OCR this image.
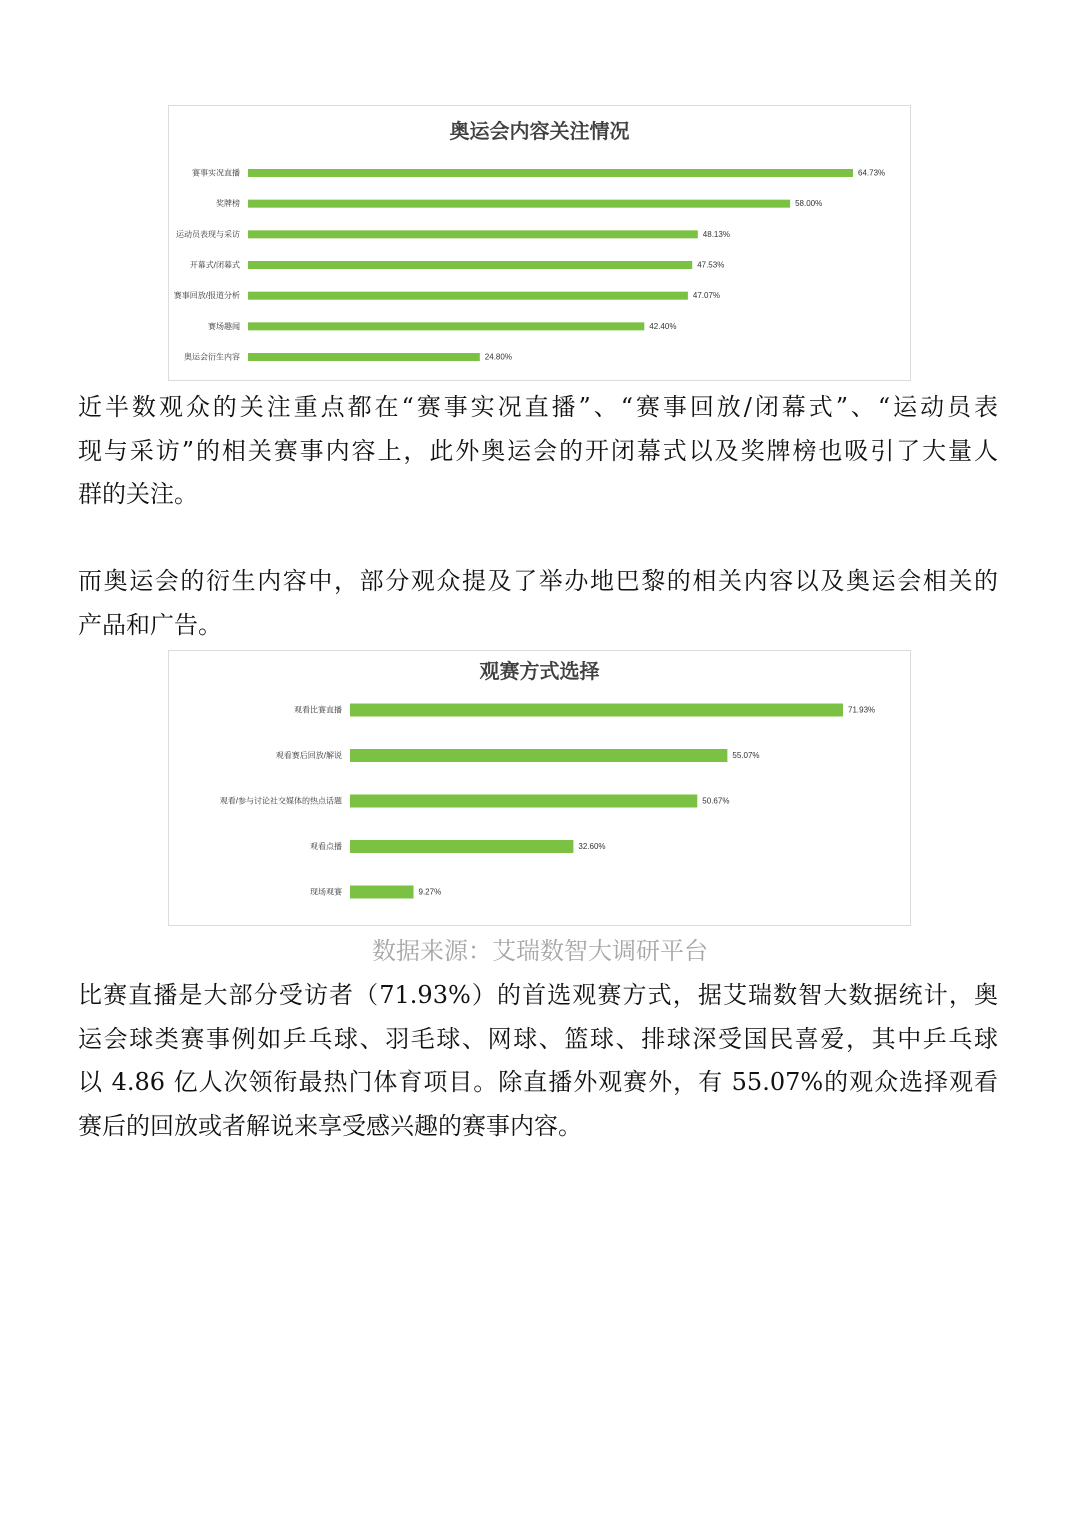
奥运会内容关注情况
赛事实况直播	64.73%
奖牌榜	58.00%
运动员表现与采访	48.13%
开幕式/闭幕式	47.53%
赛事回放/报道分析	47.07%
赛场趣闻	42.40%
奥运会衍生内容	24.80%
近半数观众的关注重点都在“赛事实况直播”、“赛事回放/闭幕式”、“运动员表
现与采访”的相关赛事内容上，此外奥运会的开闭幕式以及奖牌榜也吸引了大量人
群的关注。
而奥运会的衍生内容中，部分观众提及了举办地巴黎的相关内容以及奥运会相关的
产品和广告。
观赛方式选择
观看比赛直播	71.93%
观看赛后回放/解说	55.07%
观看/参与讨论社交媒体的热点话题	50.67%
观看点播	32.60%
现场观赛	9.27%
数据来源：艾瑞数智大调研平台
比赛直播是大部分受访者（71.93%）的首选观赛方式，据艾瑞数智大数据统计，奥
运会球类赛事例如乒乓球、羽毛球、网球、篮球、排球深受国民喜爱，其中乒乓球
以 4.86 亿人次领衔最热门体育项目。除直播外观赛外，有 55.07%的观众选择观看
赛后的回放或者解说来享受感兴趣的赛事内容。
